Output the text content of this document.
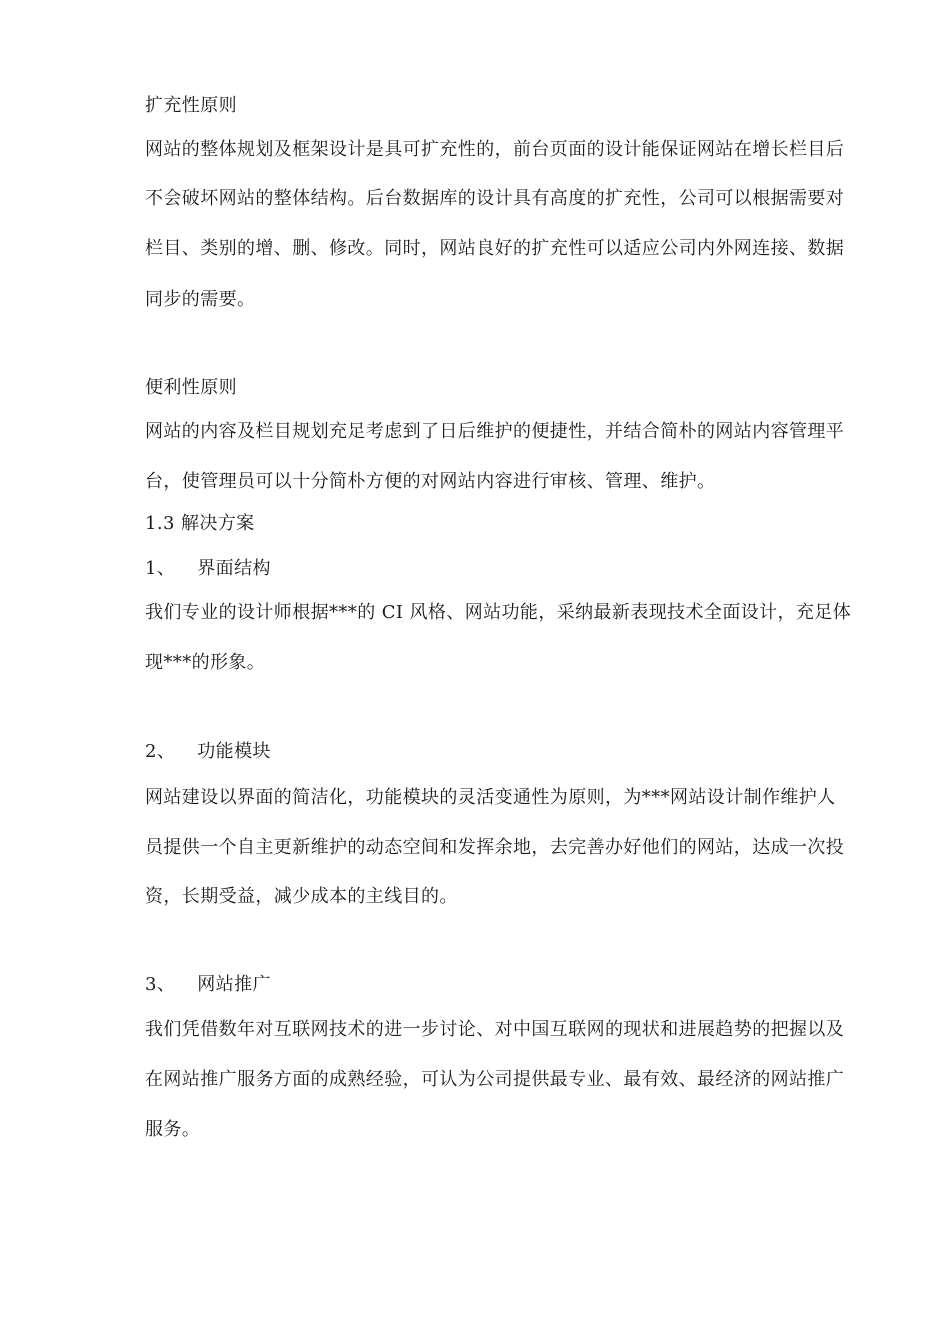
扩充性原则
网站的整体规划及框架设计是具可扩充性的，前台页面的设计能保证网站在增长栏目后
不会破坏网站的整体结构。后台数据库的设计具有高度的扩充性，公司可以根据需要对
栏目、类别的增、删、修改。同时，网站良好的扩充性可以适应公司内外网连接、数据
同步的需要。
便利性原则
网站的内容及栏目规划充足考虑到了日后维护的便捷性，并结合简朴的网站内容管理平
台，使管理员可以十分简朴方便的对网站内容进行审核、管理、维护。
1.3 解决方案
1、 界面结构
我们专业的设计师根据***的 CI 风格、网站功能，采纳最新表现技术全面设计，充足体
现***的形象。
2、 功能模块
网站建设以界面的简洁化，功能模块的灵活变通性为原则，为***网站设计制作维护人
员提供一个自主更新维护的动态空间和发挥余地，去完善办好他们的网站，达成一次投
资，长期受益，减少成本的主线目的。
3、 网站推广
我们凭借数年对互联网技术的进一步讨论、对中国互联网的现状和进展趋势的把握以及
在网站推广服务方面的成熟经验，可认为公司提供最专业、最有效、最经济的网站推广
服务。
